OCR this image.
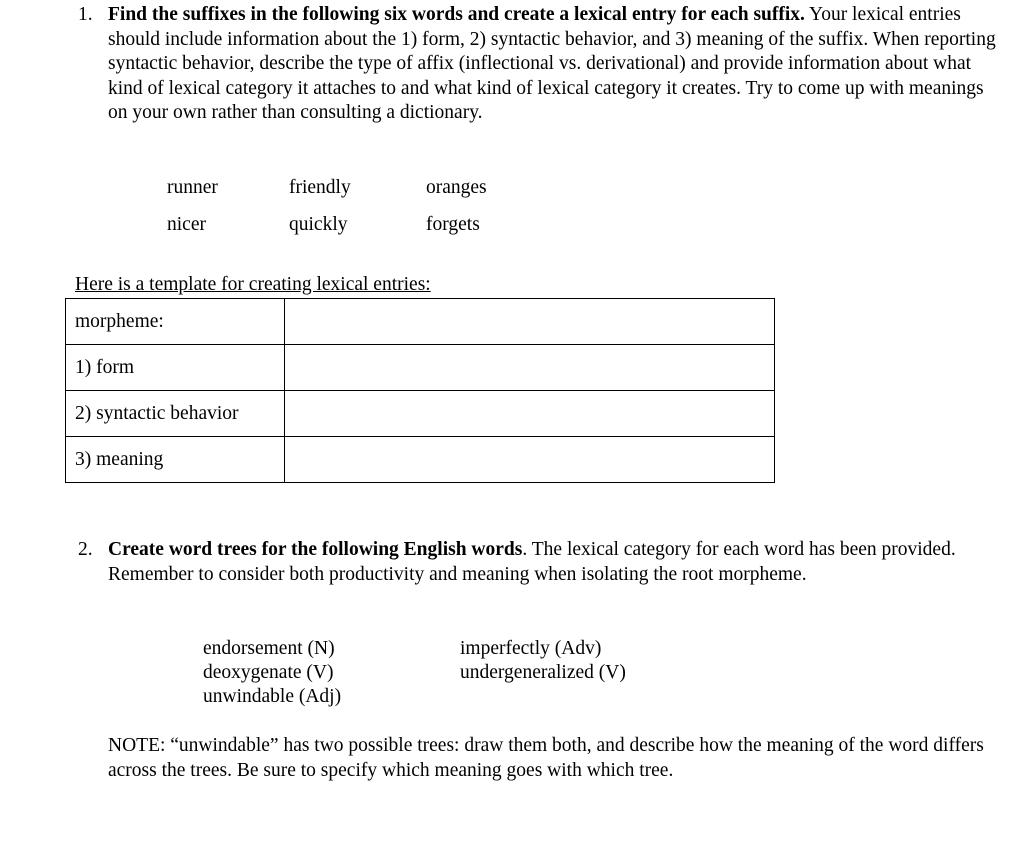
1. Find the suffixes in the following six words and create a lexical entry for each suffix. Your lexical entries should include information about the 1) form, 2) syntactic behavior, and 3) meaning of the suffix. When reporting syntactic behavior, describe the type of affix (inflectional vs. derivational) and provide information about what kind of lexical category it attaches to and what kind of lexical category it creates. Try to come up with meanings on your own rather than consulting a dictionary.

runner	friendly	oranges
nicer	quickly	forgets
Here is a template for creating lexical entries:
morpheme:	
1) form	
2) syntactic behavior	
3) meaning	
2. Create word trees for the following English words. The lexical category for each word has been provided. Remember to consider both productivity and meaning when isolating the root morpheme.

endorsement (N)
deoxygenate (V)
unwindable (Adj)
imperfectly (Adv)
undergeneralized (V)
NOTE: “unwindable” has two possible trees: draw them both, and describe how the meaning of the word differs across the trees. Be sure to specify which meaning goes with which tree.
